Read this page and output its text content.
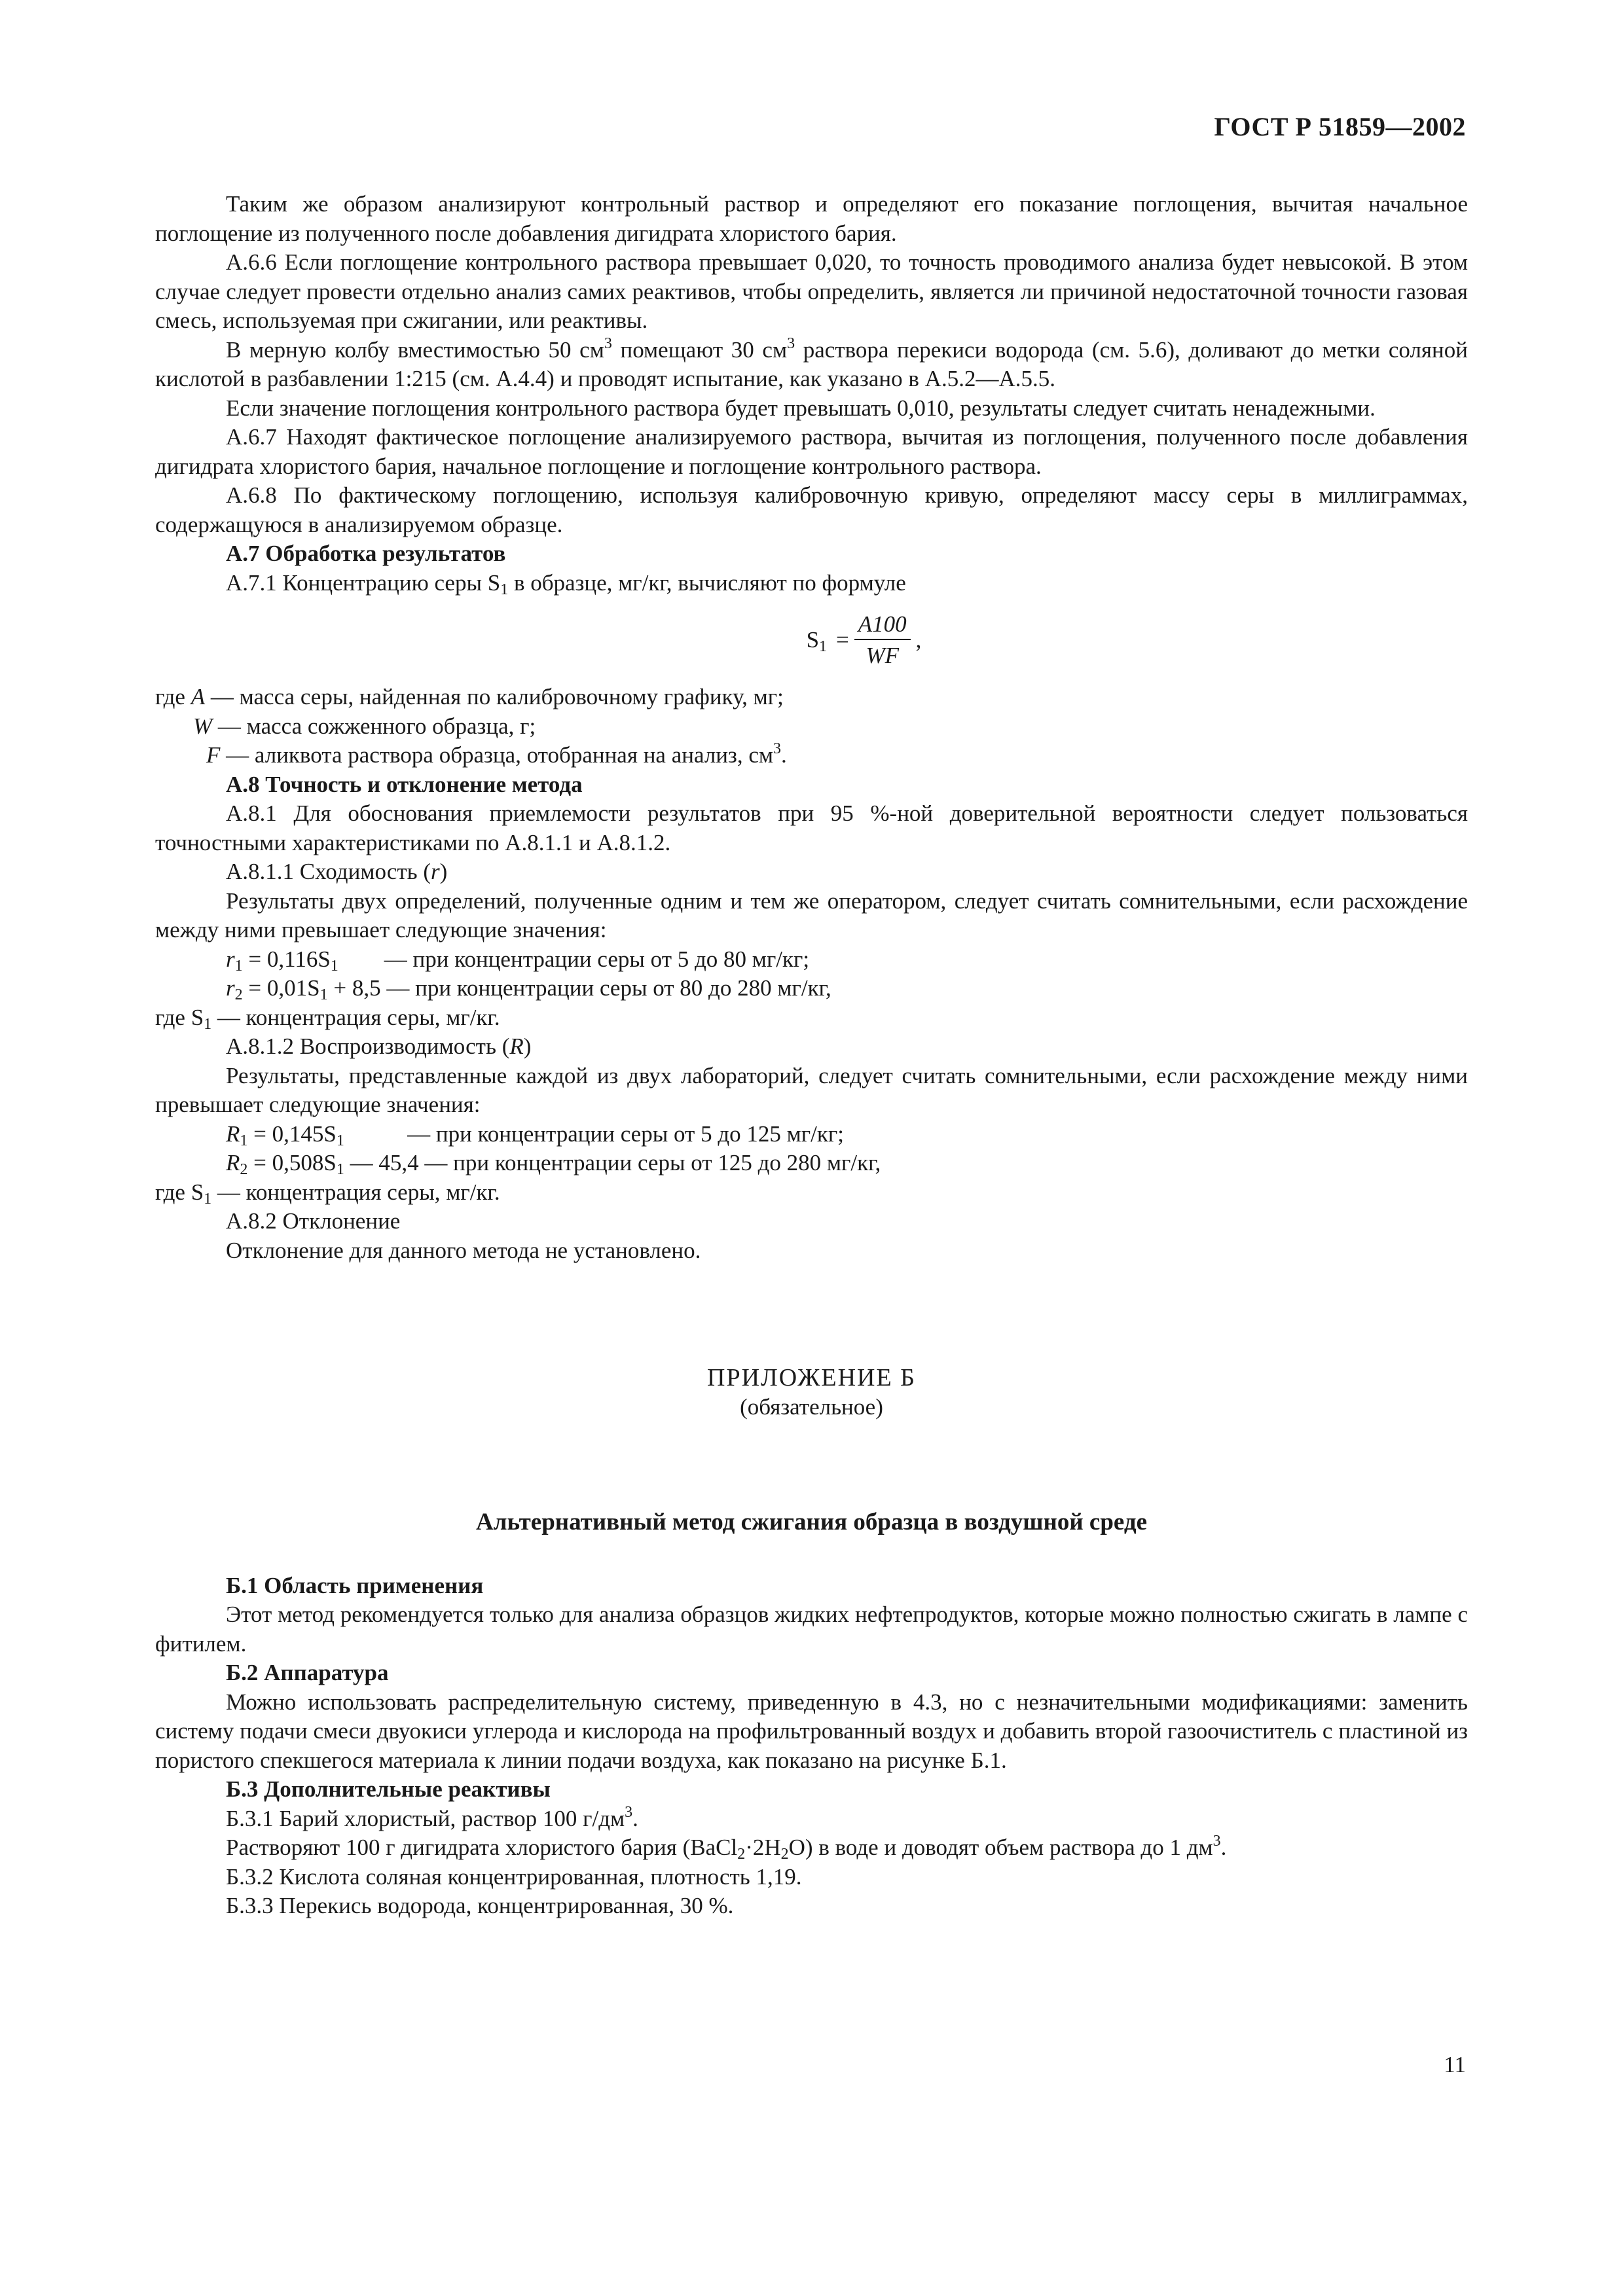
ГОСТ Р 51859—2002

Таким же образом анализируют контрольный раствор и определяют его показание поглощения, вычитая начальное поглощение из полученного после добавления дигидрата хлористого бария.

А.6.6 Если поглощение контрольного раствора превышает 0,020, то точность проводимого анализа будет невысокой. В этом случае следует провести отдельно анализ самих реактивов, чтобы определить, является ли причиной недостаточной точности газовая смесь, используемая при сжигании, или реактивы.

В мерную колбу вместимостью 50 $см^3$ помещают 30 $см^3$ раствора перекиси водорода (см. 5.6), доливают до метки соляной кислотой в разбавлении 1:215 (см. А.4.4) и проводят испытание, как указано в А.5.2—А.5.5.

Если значение поглощения контрольного раствора будет превышать 0,010, результаты следует считать ненадежными.

А.6.7 Находят фактическое поглощение анализируемого раствора, вычитая из поглощения, полученного после добавления дигидрата хлористого бария, начальное поглощение и поглощение контрольного раствора.

А.6.8 По фактическому поглощению, используя калибровочную кривую, определяют массу серы в миллиграммах, содержащуюся в анализируемом образце.

А.7 Обработка результатов

А.7.1 Концентрацию серы $S_1$ в образце, мг/кг, вычисляют по формуле

$S_1 = \frac{A100}{WF}$ ,
где A — масса серы, найденная по калибровочному графику, мг;
W — масса сожженного образца, г;
F — аликвота раствора образца, отобранная на анализ, $см^3$.

А.8 Точность и отклонение метода

А.8.1 Для обоснования приемлемости результатов при 95 %-ной доверительной вероятности следует пользоваться точностными характеристиками по А.8.1.1 и А.8.1.2.

А.8.1.1 Сходимость (r)

Результаты двух определений, полученные одним и тем же оператором, следует считать сомнительными, если расхождение между ними превышает следующие значения:

$r_1 = 0,116S_1$        — при концентрации серы от 5 до 80 мг/кг;

$r_2 = 0,01S_1 + 8,5$ — при концентрации серы от 80 до 280 мг/кг,

где $S_1$ — концентрация серы, мг/кг.

А.8.1.2 Воспроизводимость (R)

Результаты, представленные каждой из двух лабораторий, следует считать сомнительными, если расхождение между ними превышает следующие значения:

$R_1 = 0,145S_1$           — при концентрации серы от 5 до 125 мг/кг;

$R_2 = 0,508S_1$ — 45,4 — при концентрации серы от 125 до 280 мг/кг,

где $S_1$ — концентрация серы, мг/кг.

А.8.2 Отклонение

Отклонение для данного метода не установлено.

ПРИЛОЖЕНИЕ Б
(обязательное)
Альтернативный метод сжигания образца в воздушной среде

Б.1 Область применения

Этот метод рекомендуется только для анализа образцов жидких нефтепродуктов, которые можно полностью сжигать в лампе с фитилем.

Б.2 Аппаратура

Можно использовать распределительную систему, приведенную в 4.3, но с незначительными модификациями: заменить систему подачи смеси двуокиси углерода и кислорода на профильтрованный воздух и добавить второй газоочиститель с пластиной из пористого спекшегося материала к линии подачи воздуха, как показано на рисунке Б.1.

Б.3 Дополнительные реактивы

Б.3.1 Барий хлористый, раствор 100 $г/дм^3$.

Растворяют 100 г дигидрата хлористого бария $(BaCl_2\cdot 2H_2O)$ в воде и доводят объем раствора до 1 $дм^3$.

Б.3.2 Кислота соляная концентрированная, плотность 1,19.

Б.3.3 Перекись водорода, концентрированная, 30 %.

11
